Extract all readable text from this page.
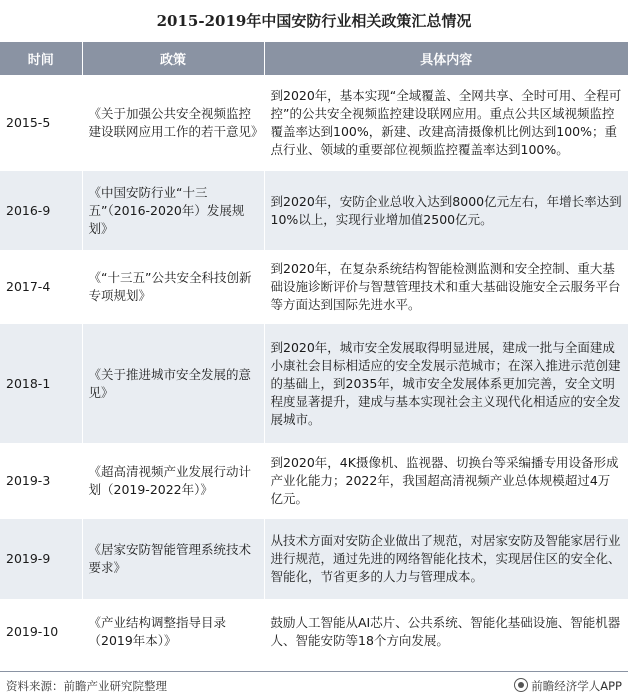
2015-2019年中国安防行业相关政策汇总情况
时间	政策	具体内容
2015-5	《关于加强公共安全视频监控建设联网应用工作的若干意见》	到2020年，基本实现“全域覆盖、全网共享、全时可用、全程可控”的公共安全视频监控建设联网应用。重点公共区域视频监控覆盖率达到100%，新建、改建高清摄像机比例达到100%；重点行业、领域的重要部位视频监控覆盖率达到100%。
2016-9	《中国安防行业“十三五”（2016-2020年）发展规划》	到2020年，安防企业总收入达到8000亿元左右，年增长率达到10%以上，实现行业增加值2500亿元。
2017-4	《“十三五”公共安全科技创新专项规划》	到2020年，在复杂系统结构智能检测监测和安全控制、重大基础设施诊断评价与智慧管理技术和重大基础设施安全云服务平台等方面达到国际先进水平。
2018-1	《关于推进城市安全发展的意见》	到2020年，城市安全发展取得明显进展，建成一批与全面建成小康社会目标相适应的安全发展示范城市；在深入推进示范创建的基础上，到2035年，城市安全发展体系更加完善，安全文明程度显著提升，建成与基本实现社会主义现代化相适应的安全发展城市。
2019-3	《超高清视频产业发展行动计划（2019-2022年）》	到2020年，4K摄像机、监视器、切换台等采编播专用设备形成产业化能力；2022年，我国超高清视频产业总体规模超过4万亿元。
2019-9	《居家安防智能管理系统技术要求》	从技术方面对安防企业做出了规范，对居家安防及智能家居行业进行规范，通过先进的网络智能化技术，实现居住区的安全化、智能化，节省更多的人力与管理成本。
2019-10	《产业结构调整指导目录（2019年本）》	鼓励人工智能从AI芯片、公共系统、智能化基础设施、智能机器人、智能安防等18个方向发展。
资料来源：前瞻产业研究院整理	前瞻经济学人APP
